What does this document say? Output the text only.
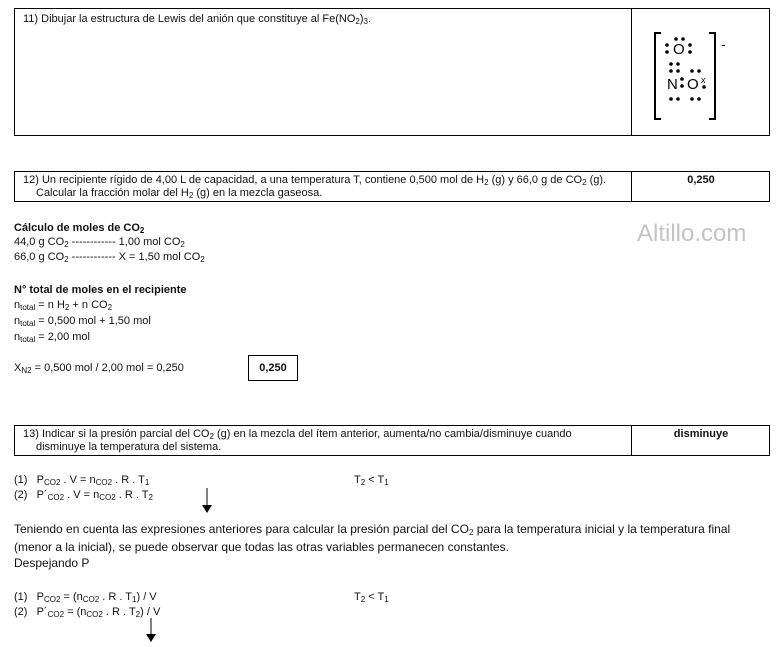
11) Dibujar la estructura de Lewis del anión que constituye al $Fe(NO_2)_3$.
-
O
N O x
12) Un recipiente rígido de 4,00 L de capacidad, a una temperatura T, contiene 0,500 mol de $H_2$ (g) y 66,0 g de $CO_2$ (g).
Calcular la fracción molar del $H_2$ (g) en la mezcla gaseosa.
0,250
Cálculo de moles de $CO_2$
44,0 g $CO_2$ ------------ 1,00 mol $CO_2$
66,0 g $CO_2$ ------------ X = 1,50 mol $CO_2$
Altillo.com
N° total de moles en el recipiente
$n_{total} = n$ $H_2 + n$ $CO_2$
$n_{total} = 0,500$ mol + 1,50 mol
$n_{total} = 2,00$ mol
$X_{N2} = 0,500$ mol / 2,00 mol = 0,250	0,250
13) Indicar si la presión parcial del $CO_2$ (g) en la mezcla del ítem anterior, aumenta/no cambia/disminuye cuando
disminuye la temperatura del sistema.
disminuye
(1) $P_{CO2}$ . $V = n_{CO2}$ . R . $T_1$
(2) $P´_{CO2}$ . $V = n_{CO2}$ . R . $T_2$
$T_2 < T_1$
Teniendo en cuenta las expresiones anteriores para calcular la presión parcial del $CO_2$ para la temperatura inicial y la temperatura final
(menor a la inicial), se puede observar que todas las otras variables permanecen constantes.
Despejando P
(1) $P_{CO2} = (n_{CO2}$ . R . $T_1$) / V
(2) $P´_{CO2} = (n_{CO2}$ . R . $T_2$) / V
$T_2 < T_1$
